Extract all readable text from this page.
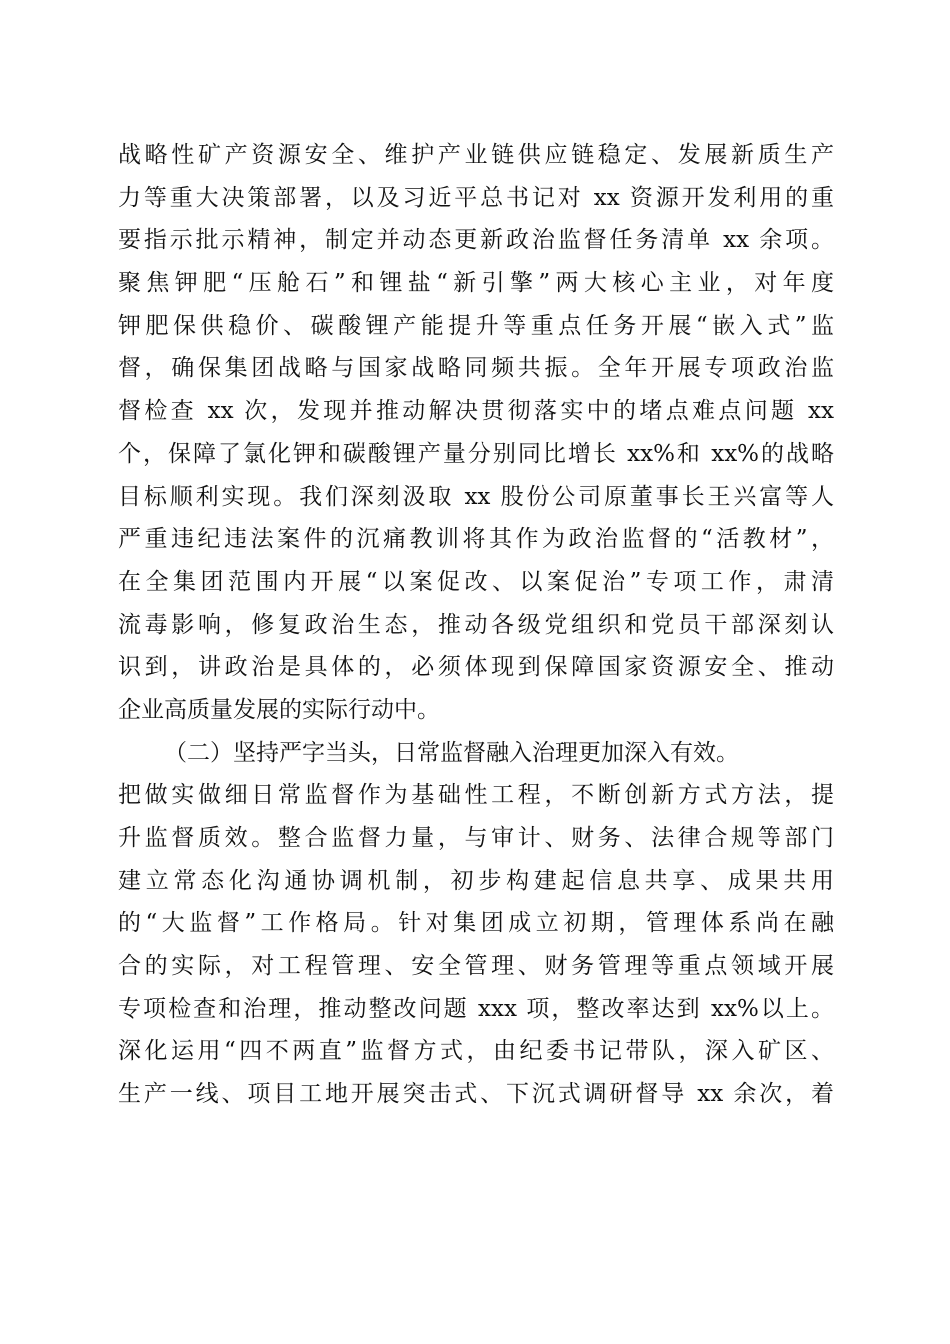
战略性矿产资源安全、维护产业链供应链稳定、发展新质生产
力等重大决策部署，以及习近平总书记对 xx 资源开发利用的重
要指示批示精神，制定并动态更新政治监督任务清单 xx 余项。
聚焦钾肥“压舱石”和锂盐“新引擎”两大核心主业，对年度
钾肥保供稳价、碳酸锂产能提升等重点任务开展“嵌入式”监
督，确保集团战略与国家战略同频共振。全年开展专项政治监
督检查 xx 次，发现并推动解决贯彻落实中的堵点难点问题 xx
个，保障了氯化钾和碳酸锂产量分别同比增长 xx%和 xx%的战略
目标顺利实现。我们深刻汲取 xx 股份公司原董事长王兴富等人
严重违纪违法案件的沉痛教训将其作为政治监督的“活教材”，
在全集团范围内开展“以案促改、以案促治”专项工作，肃清
流毒影响，修复政治生态，推动各级党组织和党员干部深刻认
识到，讲政治是具体的，必须体现到保障国家资源安全、推动
企业高质量发展的实际行动中。
（二）坚持严字当头，日常监督融入治理更加深入有效。
把做实做细日常监督作为基础性工程，不断创新方式方法，提
升监督质效。整合监督力量，与审计、财务、法律合规等部门
建立常态化沟通协调机制，初步构建起信息共享、成果共用
的“大监督”工作格局。针对集团成立初期，管理体系尚在融
合的实际，对工程管理、安全管理、财务管理等重点领域开展
专项检查和治理，推动整改问题 xxx 项，整改率达到 xx%以上。
深化运用“四不两直”监督方式，由纪委书记带队，深入矿区、
生产一线、项目工地开展突击式、下沉式调研督导 xx 余次，着
